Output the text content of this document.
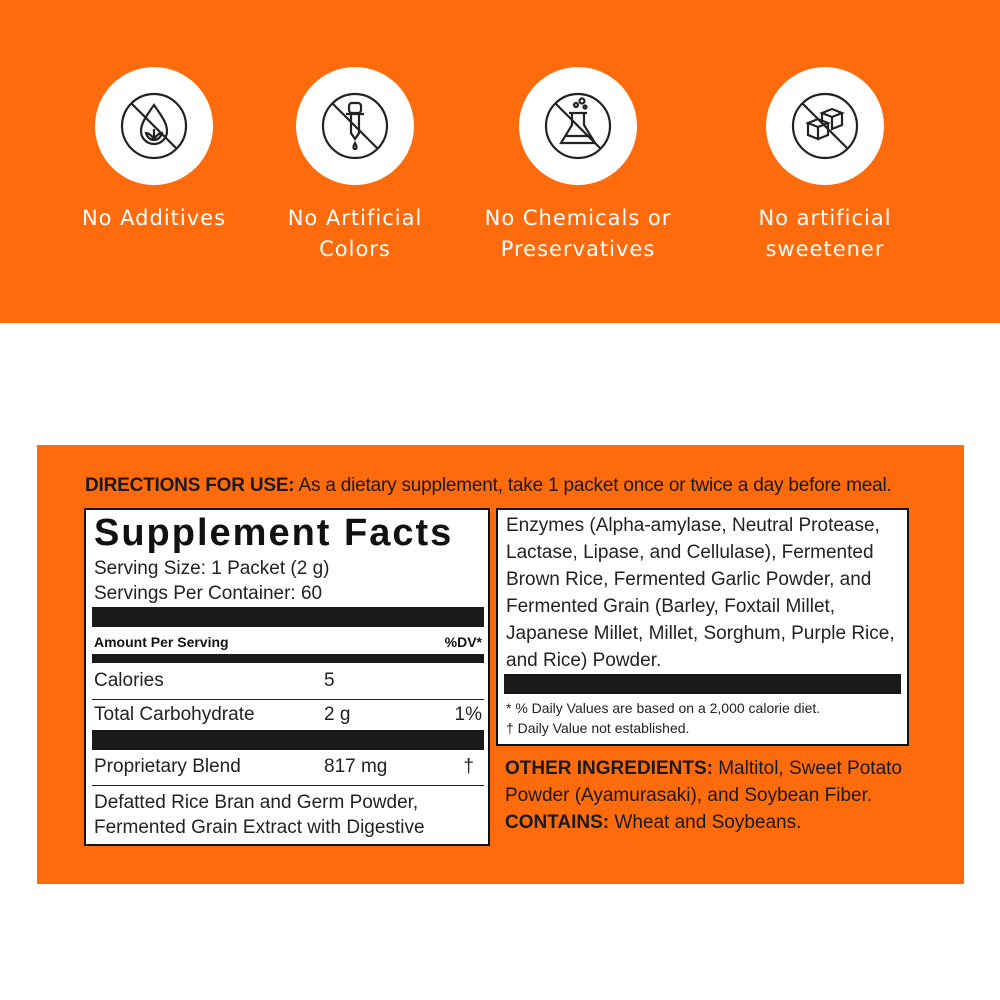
No Additives	No Artificial
Colors
No Chemicals or
Preservatives
No artificial
sweetener
DIRECTIONS FOR USE: As a dietary supplement, take 1 packet once or twice a day before meal.
Supplement Facts
Serving Size: 1 Packet (2 g)
Servings Per Container: 60
Amount Per Serving	%DV*
Calories	5
Total Carbohydrate	2 g	1%
Proprietary Blend	817 mg	†
Defatted Rice Bran and Germ Powder,
Fermented Grain Extract with Digestive
Enzymes (Alpha-amylase, Neutral Protease, Lactase, Lipase, and Cellulase), Fermented Brown Rice, Fermented Garlic Powder, and Fermented Grain (Barley, Foxtail Millet, Japanese Millet, Millet, Sorghum, Purple Rice, and Rice) Powder.
* % Daily Values are based on a 2,000 calorie diet.
† Daily Value not established.
OTHER INGREDIENTS: Maltitol, Sweet Potato Powder (Ayamurasaki), and Soybean Fiber.
CONTAINS: Wheat and Soybeans.
